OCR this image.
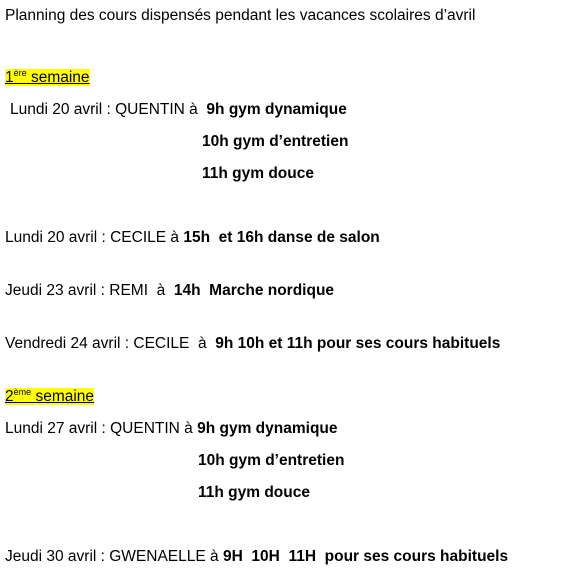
Planning des cours dispensés pendant les vacances scolaires d’avril
1ère semaine
Lundi 20 avril : QUENTIN à  9h gym dynamique
10h gym d’entretien
11h gym douce
Lundi 20 avril : CECILE à 15h  et 16h danse de salon
Jeudi 23 avril : REMI  à  14h  Marche nordique
Vendredi 24 avril : CECILE  à  9h 10h et 11h pour ses cours habituels
2ème semaine
Lundi 27 avril : QUENTIN à 9h gym dynamique
10h gym d’entretien
11h gym douce
Jeudi 30 avril : GWENAELLE à 9H  10H  11H  pour ses cours habituels
